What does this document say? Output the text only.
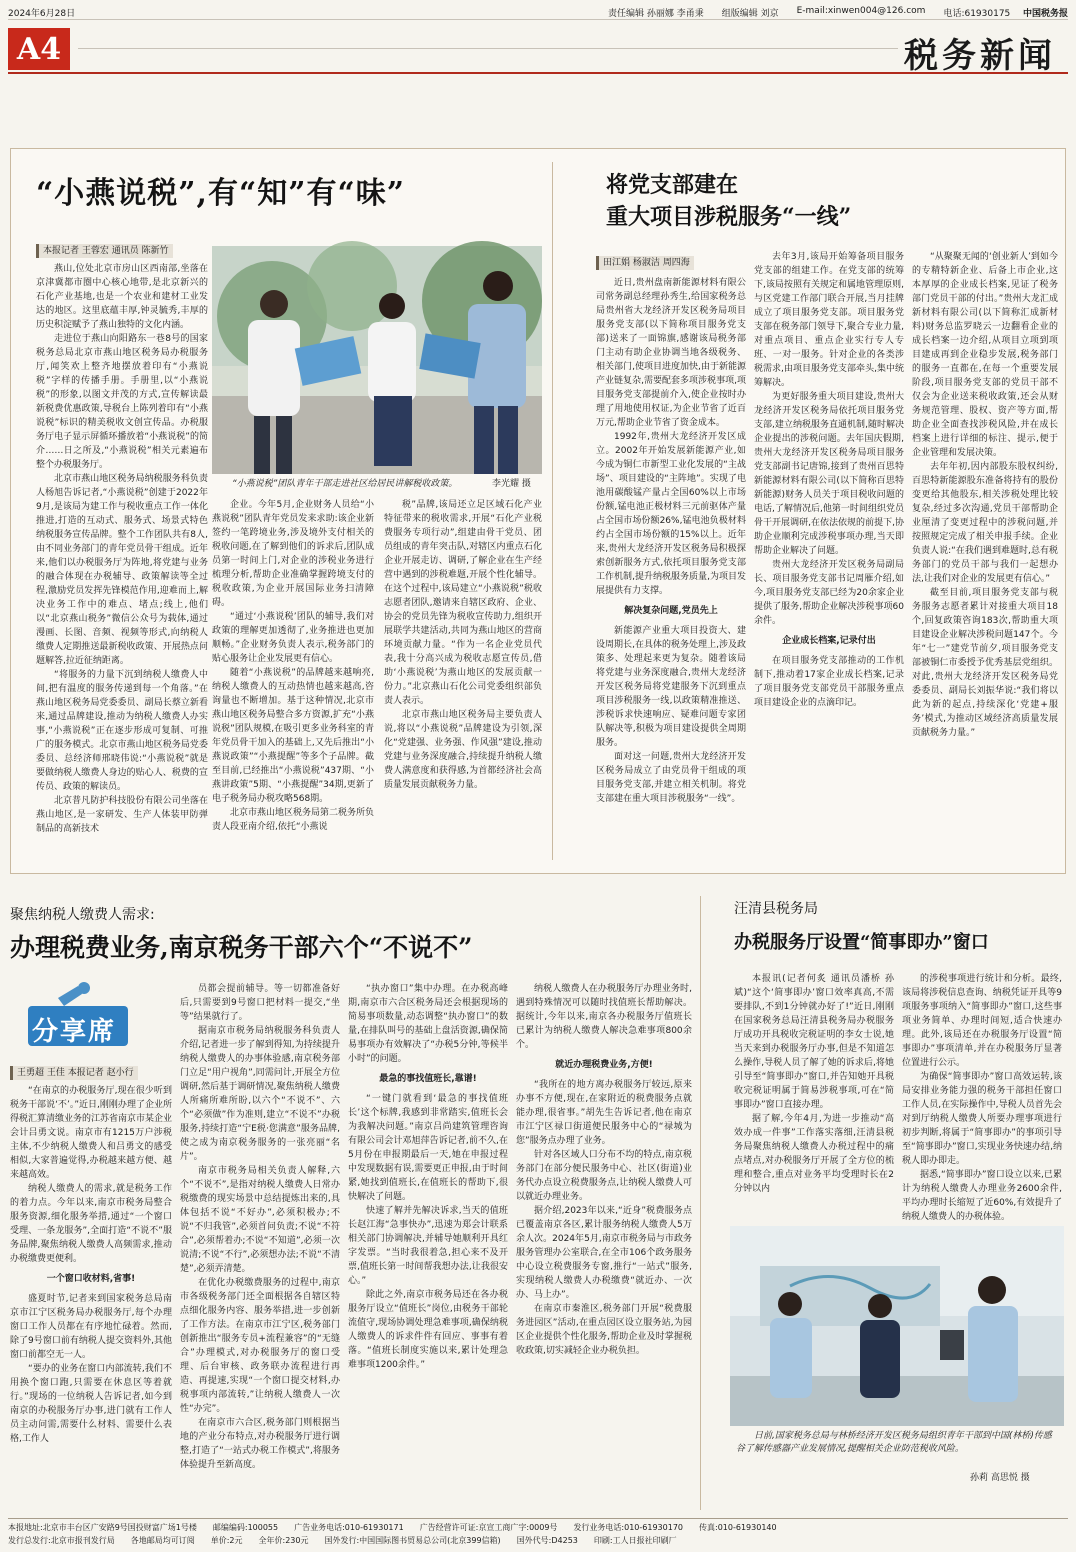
2024年6月28日	责任编辑 孙丽娜 李甬秉 组版编辑 刘京 E-mail:xinwen004@126.com 电话:61930175 中国税务报
A4	税务新闻
“小燕说税”,有“知”有“味”
本报记者 王蓉宏 通讯员 陈新竹

燕山,位处北京市房山区西南部,坐落在京津冀都市圈中心核心地带,是北京新兴的石化产业基地,也是一个农业和建材工业发达的地区。这里底蕴丰厚,钟灵毓秀,丰厚的历史积淀赋予了燕山独特的文化内涵。

走进位于燕山向阳路东一巷8号的国家税务总局北京市燕山地区税务局办税服务厅,闻笑欢上整齐地摆放着印有“小燕说税”字样的传播手册。手册里,以“小燕说税”的形象,以图文并茂的方式,宣传解读最新税费优惠政策,导税台上陈列着印有“小燕说税”标识的精美税收文创宣传品。办税服务厅电子显示屏循环播放着“小燕说税”的简介……日之所及,“小燕说税”相关元素遍布整个办税服务厅。

北京市燕山地区税务局纳税服务科负责人杨旭告诉记者,“小燕说税”创建于2022年9月,是该局为建工作与税收重点工作一体化推进,打造的互动式、服务式、场景式特色纳税服务宣传品牌。整个工作团队共有8人,由不同业务部门的青年党员骨干组成。近年来,他们以办税服务厅为阵地,将党建与业务的融合体现在办税辅导、政策解读等全过程,激励党员发挥先锋模范作用,迎难而上,解决业务工作中的难点、堵点;线上,他们以“北京燕山税务”微信公众号为载体,通过漫画、长图、音频、视频等形式,向纳税人缴费人定期推送最新税收政策、开展热点问题解答,拉近征纳距离。

“将服务的力量下沉到纳税人缴费人中间,把有温度的服务传递到每一个角落。”在燕山地区税务局党委委员、副局长蔡立新看来,通过品牌建设,推动为纳税人缴费人办实事,“小燕说税”正在逐步形成可复制、可推广的服务模式。北京市燕山地区税务局党委委员、总经济师邢晓伟说:“小燕说税”就是要做纳税人缴费人身边的贴心人、税费的宣传员、政策的解读员。

北京普凡防护科技股份有限公司坐落在燕山地区,是一家研发、生产人体装甲防弹制品的高新技术

“小燕说税”团队青年干部走进社区给居民讲解税收政策。	李光耀 摄

企业。今年5月,企业财务人员给“小燕说税”团队青年党员发来求助:该企业新签约一笔跨境业务,涉及境外支付相关的税收问题,在了解到他们的诉求后,团队成员第一时间上门,对企业的涉税业务进行梳理分析,帮助企业准确掌握跨境支付的税收政策,为企业开展国际业务扫清障碍。

“通过‘小燕说税’团队的辅导,我们对政策的理解更加透彻了,业务推进也更加顺畅。”企业财务负责人表示,税务部门的贴心服务让企业发展更有信心。

随着“小燕说税”的品牌越来越响亮,纳税人缴费人的互动热情也越来越高,咨询量也不断增加。基于这种情况,北京市燕山地区税务局整合多方资源,扩充“小燕说税”团队规模,在吸引更多业务科室的青年党员骨干加入的基础上,又先后推出“小燕说政策”“小燕提醒”等多个子品牌。截至目前,已经推出“小燕说税”437期、“小燕讲政策”5期、“小燕提醒”34期,更新了电子税务局办税攻略568期。

北京市燕山地区税务局第二税务所负责人段亚南介绍,依托“小燕说

税”品牌,该局还立足区域石化产业特征带来的税收需求,开展“石化产业税费服务专项行动”,组建由骨干党员、团员组成的青年突击队,对辖区内重点石化企业开展走访、调研,了解企业在生产经营中遇到的涉税难题,开展个性化辅导。在这个过程中,该局建立“小燕说税”税收志愿者团队,邀请来自辖区政府、企业、协会的党员先锋为税收宣传助力,组织开展联学共建活动,共同为燕山地区的营商环境贡献力量。“作为一名企业党员代表,我十分高兴成为税收志愿宣传员,借助‘小燕说税’为燕山地区的发展贡献一份力。”北京燕山石化公司党委组织部负责人表示。

北京市燕山地区税务局主要负责人说,将以“小燕说税”品牌建设为引领,深化“党建强、业务强、作风强”建设,推动党建与业务深度融合,持续提升纳税人缴费人满意度和获得感,为首都经济社会高质量发展贡献税务力量。

将党支部建在
重大项目涉税服务“一线”
田江娟 杨淑洁 周四海

近日,贵州盘南新能源材料有限公司常务副总经理孙秀生,给国家税务总局贵州省大龙经济开发区税务局项目服务党支部(以下简称项目服务党支部)送来了一面锦旗,感谢该局税务部门主动有助企业协调当地各级税务、相关部门,使项目进度加快,由于新能源产业链复杂,需要配套多项涉税事项,项目服务党支部提前介入,使企业按时办理了用地使用权证,为企业节省了近百万元,帮助企业节省了资金成本。

1992年,贵州大龙经济开发区成立。2002年开始发展新能源产业,如今成为铜仁市新型工业化发展的“主战场”、项目建设的“主阵地”。实现了电池用碳酸锰产量占全国60%以上市场份额,锰电池正极材料三元前驱体产量占全国市场份额26%,锰电池负极材料约占全国市场份额的15%以上。近年来,贵州大龙经济开发区税务局积极探索创新服务方式,依托项目服务党支部工作机制,提升纳税服务质量,为项目发展提供有力支撑。

解决复杂问题,党员先上

新能源产业重大项目投资大、建设周期长,在具体的税务处理上,涉及政策多、处理起来更为复杂。随着该局将党建与业务深度融合,贵州大龙经济开发区税务局将党建服务下沉到重点项目涉税服务一线,以政策精准推送、涉税诉求快速响应、疑难问题专家团队解决等,积极为项目建设提供全周期服务。

面对这一问题,贵州大龙经济开发区税务局成立了由党员骨干组成的项目服务党支部,并建立相关机制。将党支部建在重大项目涉税服务“一线”。

去年3月,该局开始筹备项目服务党支部的组建工作。在党支部的统筹下,该局按照有关规定和属地管理原则,与区党建工作部门联合开展,当月挂牌成立了项目服务党支部。项目服务党支部在税务部门领导下,聚合专业力量,对重点项目、重点企业实行专人专班、一对一服务。针对企业的各类涉税需求,由项目服务党支部牵头,集中统筹解决。

为更好服务重大项目建设,贵州大龙经济开发区税务局依托项目服务党支部,建立纳税服务直通机制,随时解决企业提出的涉税问题。去年国庆假期,贵州大龙经济开发区税务局项目服务党支部副书记唐锦,接到了贵州百思特新能源材料有限公司(以下简称百思特新能源)财务人员关于项目税收问题的电话,了解情况后,他第一时间组织党员骨干开展调研,在依法依规的前提下,协助企业顺利完成涉税事项办理,当天即帮助企业解决了问题。

贵州大龙经济开发区税务局副局长、项目服务党支部书记周雁介绍,如今,项目服务党支部已经为20余家企业提供了服务,帮助企业解决涉税事项60余件。

企业成长档案,记录付出

在项目服务党支部推动的工作机制下,推动着17家企业成长档案,记录了项目服务党支部党员干部服务重点项目建设企业的点滴印记。

“从聚聚无闻的‘创业新人’到如今的专精特新企业、后备上市企业,这本厚厚的企业成长档案,见证了税务部门党员干部的付出。”贵州大龙汇成新材料有限公司(以下简称汇成新材料)财务总监罗晓云一边翻看企业的成长档案一边介绍,从项目立项到项目建成再到企业稳步发展,税务部门的服务一直都在,在每一个重要发展阶段,项目服务党支部的党员干部不仅会为企业送来税收政策,还会从财务规范管理、股权、资产等方面,帮助企业全面查找涉税风险,并在成长档案上进行详细的标注、提示,便于企业管理和发展决策。

去年年初,因内部股东股权纠纷,百思特新能源股东准备将持有的股份变更给其他股东,相关涉税处理比较复杂,经过多次沟通,党员干部帮助企业厘清了变更过程中的涉税问题,并按照规定完成了相关申报手续。企业负责人说:“在我们遇到难题时,总有税务部门的党员干部与我们一起想办法,让我们对企业的发展更有信心。”

截至目前,项目服务党支部与税务服务志愿者累计对接重大项目18个,回复政策咨询183次,帮助重大项目建设企业解决涉税问题147个。今年“七一”建党节前夕,项目服务党支部被铜仁市委授予优秀基层党组织。对此,贵州大龙经济开发区税务局党委委员、副局长刘振华说:“我们将以此为新的起点,持续深化‘党建+服务’模式,为推动区域经济高质量发展贡献税务力量。”

聚焦纳税人缴费人需求:
办理税费业务,南京税务干部六个“不说不”
分享席
王勇超 王佳 本报记者 赵小行

“在南京的办税服务厅,现在很少听到税务干部说‘不’。”近日,刚刚办理了企业所得税汇算清缴业务的江苏省南京市某企业会计吕勇文说。南京市有1215万户涉税主体,不少纳税人缴费人和吕勇文的感受相似,大家普遍觉得,办税越来越方便、越来越高效。

纳税人缴费人的需求,就是税务工作的着力点。今年以来,南京市税务局整合服务资源,细化服务举措,通过“一个窗口受理、一条龙服务”,全面打造“不说不”服务品牌,聚焦纳税人缴费人高频需求,推动办税缴费更便利。

一个窗口收材料,省事!

盛夏时节,记者来到国家税务总局南京市江宁区税务局办税服务厅,每个办理窗口工作人员都在有序地忙碌着。然而,除了9号窗口前有纳税人提交资料外,其他窗口前都空无一人。

“要办的业务在窗口内部流转,我们不用换个窗口跑,只需要在休息区等着就行。”现场的一位纳税人告诉记者,如今到南京的办税服务厅办事,进门就有工作人员主动问需,需要什么材料、需要什么表格,工作人

员都会提前辅导。等一切都准备好后,只需要到9号窗口把材料一提交,“坐等”结果就行了。

据南京市税务局纳税服务科负责人介绍,记者进一步了解到得知,为持续提升纳税人缴费人的办事体验感,南京税务部门立足“用户视角”,同需问计,开展全方位调研,然后基于调研情况,聚焦纳税人缴费人所痛所难所盼,以六个“不说不”、六个“必须做”作为准则,建立“不说不”办税服务,持续打造“宁E税·您满意”服务品牌,使之成为南京税务服务的一张亮丽“名片”。

南京市税务局相关负责人解释,六个“不说不”,是指对纳税人缴费人日常办税缴费的现实场景中总结提炼出来的,具体包括不说“不好办”,必须积极办;不说“不归我管”,必须首问负责;不说“不符合”,必须帮着办;不说“不知道”,必须一次说清;不说“不行”,必须想办法;不说“不清楚”,必须弄清楚。

在优化办税缴费服务的过程中,南京市各级税务部门还全面根据各自辖区特点细化服务内容、服务举措,进一步创新了工作方法。在南京市江宁区,税务部门创新推出“服务专员+流程兼容”的“无缝合”办理模式,对办税服务厅的窗口受理、后台审核、政务联办流程进行再造、再提速,实现“一个窗口提交材料,办税事项内部流转,”让纳税人缴费人一次性“办完”。

在南京市六合区,税务部门则根据当地的产业分布特点,对办税服务厅进行调整,打造了“一站式办税工作模式”,将服务体验提升至新高度。

“执办窗口”集中办理。在办税高峰期,南京市六合区税务局还会根据现场的简易事项数量,动态调整“执办窗口”的数量,在排队叫号的基础上盘活资源,确保简易事项办有效解决了“办税5分钟,等候半小时”的问题。

最急的事找值班长,靠谱!

“一键门就看到‘最急的事找值班长’这个标牌,我感到非常踏实,值班长会为我解决问题。”南京吕尚建筑管理咨询有限公司会计邓旭萍告诉记者,前不久,在5月份在申报期最后一天,她在申报过程中发现数据有误,需要更正申报,由于时间紧,她找到值班长,在值班长的帮助下,很快解决了问题。

快速了解并先解决诉求,当天的值班长赵江海“急事快办”,迅速为郑会计联系相关部门协调解决,并辅导她顺利开具红字发票。“当时我很着急,担心来不及开票,值班长第一时间帮我想办法,让我很安心。”

除此之外,南京市税务局还在各办税服务厅设立“值班长”岗位,由税务干部轮流值守,现场协调处理急难事项,确保纳税人缴费人的诉求件件有回应、事事有着落。“值班长制度实施以来,累计处理急难事项1200余件。”

纳税人缴费人在办税服务厅办理业务时,遇到特殊情况可以随时找值班长帮助解决。据统计,今年以来,南京各办税服务厅值班长已累计为纳税人缴费人解决急难事项800余个。

就近办理税费业务,方便!

“我所在的地方离办税服务厅较远,原来办事不方便,现在,在家附近的税费服务点就能办理,很省事。”胡先生告诉记者,他在南京市江宁区禄口街道便民服务中心的“禄城为您”服务点办理了业务。

针对各区域人口分布不均的特点,南京税务部门在部分便民服务中心、社区(街道)业务代办点设立税费服务点,让纳税人缴费人可以就近办理业务。

据介绍,2023年以来,“近身”税费服务点已覆盖南京各区,累计服务纳税人缴费人5万余人次。2024年5月,南京市税务局与市政务服务管理办公室联合,在全市106个政务服务中心设立税费服务专窗,推行“一站式”服务,实现纳税人缴费人办税缴费“就近办、一次办、马上办”。

在南京市秦淮区,税务部门开展“税费服务进园区”活动,在重点园区设立服务站,为园区企业提供个性化服务,帮助企业及时掌握税收政策,切实减轻企业办税负担。

汪清县税务局
办税服务厅设置“简事即办”窗口

本报讯(记者何炙 通讯员潘桥 孙斌)“这个‘简事即办’窗口效率真高,不需要排队,不到1分钟就办好了!”近日,刚刚在国家税务总局汪清县税务局办税服务厅成功开具税收完税证明的李女士说,她当天来到办税服务厅办事,但是不知道怎么操作,导税人员了解了她的诉求后,将她引导至“简事即办”窗口,并告知她开具税收完税证明属于简易涉税事项,可在“简事即办”窗口直接办理。

据了解,今年4月,为进一步推动“高效办成一件事”工作落实落细,汪清县税务局聚焦纳税人缴费人办税过程中的痛点堵点,对办税服务厅开展了全方位的梳理和整合,重点对业务平均受理时长在2分钟以内

的涉税事项进行统计和分析。最终,该局将涉税信息查询、纳税凭证开具等9项服务事项纳入“简事即办”窗口,这些事项业务简单、办理时间短,适合快速办理。此外,该局还在办税服务厅设置“简事即办”事项清单,并在办税服务厅显著位置进行公示。

为确保“简事即办”窗口高效运转,该局安排业务能力强的税务干部担任窗口工作人员,在实际操作中,导税人员首先会对到厅纳税人缴费人所要办理事项进行初步判断,将属于“简事即办”的事项引导至“简事即办”窗口,实现业务快速办结,纳税人即办即走。

据悉,“简事即办”窗口设立以来,已累计为纳税人缴费人办理业务2600余件,平均办理时长缩短了近60%,有效提升了纳税人缴费人的办税体验。

日前,国家税务总局与林桥经济开发区税务局组织青年干部到中国(林桥)传感谷了解传感器产业发展情况,提醒相关企业防范税收风险。
孙莉 高思悦 摄
本报地址:北京市丰台区广安路9号国投财富广场1号楼 邮编编码:100055 广告业务电话:010-61930171 广告经营许可证:京宣工商广字:0009号 发行业务电话:010-61930170 传真:010-61930140
发行总发行:北京市报刊发行局 各地邮局均可订阅 单价:2元 全年价:230元 国外发行:中国国际图书贸易总公司(北京399信箱) 国外代号:D4253 印刷:工人日报社印刷厂
